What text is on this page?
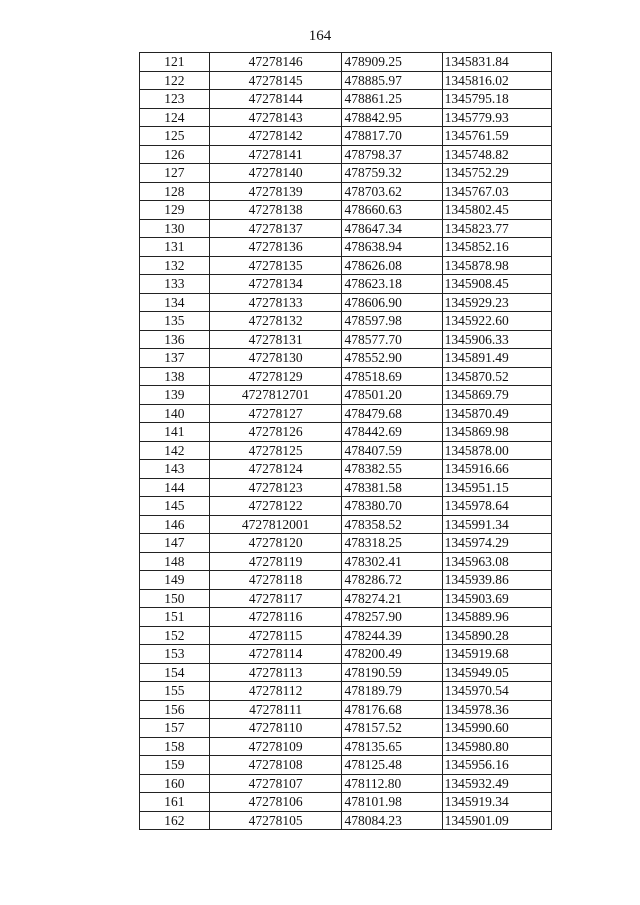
164
121	47278146	478909.25	1345831.84
122	47278145	478885.97	1345816.02
123	47278144	478861.25	1345795.18
124	47278143	478842.95	1345779.93
125	47278142	478817.70	1345761.59
126	47278141	478798.37	1345748.82
127	47278140	478759.32	1345752.29
128	47278139	478703.62	1345767.03
129	47278138	478660.63	1345802.45
130	47278137	478647.34	1345823.77
131	47278136	478638.94	1345852.16
132	47278135	478626.08	1345878.98
133	47278134	478623.18	1345908.45
134	47278133	478606.90	1345929.23
135	47278132	478597.98	1345922.60
136	47278131	478577.70	1345906.33
137	47278130	478552.90	1345891.49
138	47278129	478518.69	1345870.52
139	4727812701	478501.20	1345869.79
140	47278127	478479.68	1345870.49
141	47278126	478442.69	1345869.98
142	47278125	478407.59	1345878.00
143	47278124	478382.55	1345916.66
144	47278123	478381.58	1345951.15
145	47278122	478380.70	1345978.64
146	4727812001	478358.52	1345991.34
147	47278120	478318.25	1345974.29
148	47278119	478302.41	1345963.08
149	47278118	478286.72	1345939.86
150	47278117	478274.21	1345903.69
151	47278116	478257.90	1345889.96
152	47278115	478244.39	1345890.28
153	47278114	478200.49	1345919.68
154	47278113	478190.59	1345949.05
155	47278112	478189.79	1345970.54
156	47278111	478176.68	1345978.36
157	47278110	478157.52	1345990.60
158	47278109	478135.65	1345980.80
159	47278108	478125.48	1345956.16
160	47278107	478112.80	1345932.49
161	47278106	478101.98	1345919.34
162	47278105	478084.23	1345901.09
